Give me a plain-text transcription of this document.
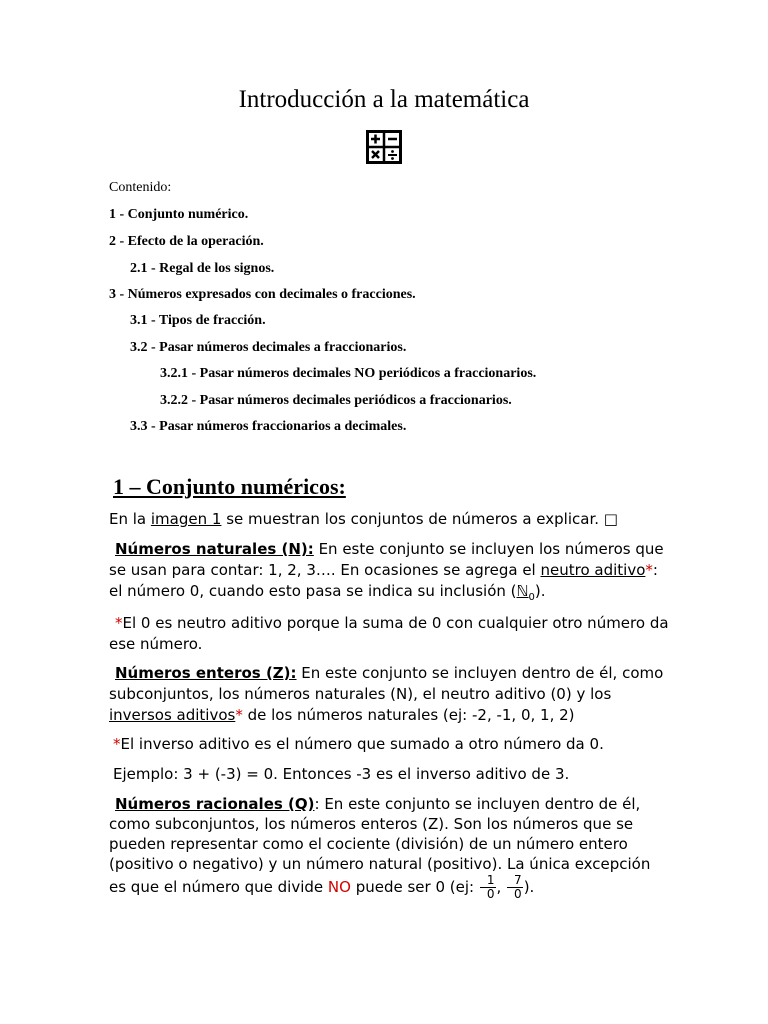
Introducción a la matemática
Contenido:
1 - Conjunto numérico.
2 - Efecto de la operación.
2.1 - Regal de los signos.
3 - Números expresados con decimales o fracciones.
3.1 - Tipos de fracción.
3.2 - Pasar números decimales a fraccionarios.
3.2.1 - Pasar números decimales NO periódicos a fraccionarios.
3.2.2 - Pasar números decimales periódicos a fraccionarios.
3.3 - Pasar números fraccionarios a decimales.
1 – Conjunto numéricos:
En la imagen 1 se muestran los conjuntos de números a explicar. □
Números naturales (N): En este conjunto se incluyen los números que se usan para contar: 1, 2, 3…. En ocasiones se agrega el neutro aditivo*: el número 0, cuando esto pasa se indica su inclusión (ℕ$_0$).
*El 0 es neutro aditivo porque la suma de 0 con cualquier otro número da ese número.
Números enteros (Z): En este conjunto se incluyen dentro de él, como subconjuntos, los números naturales (N), el neutro aditivo (0) y los inversos aditivos* de los números naturales (ej: -2, -1, 0, 1, 2)
*El inverso aditivo es el número que sumado a otro número da 0.
Ejemplo: 3 + (-3) = 0. Entonces -3 es el inverso aditivo de 3.
Números racionales (Q): En este conjunto se incluyen dentro de él, como subconjuntos, los números enteros (Z). Son los números que se pueden representar como el cociente (división) de un número entero (positivo o negativo) y un número natural (positivo). La única excepción es que el número que divide NO puede ser 0 (ej: $\frac{1}{0}$ , $\frac{7}{0}$ ).
